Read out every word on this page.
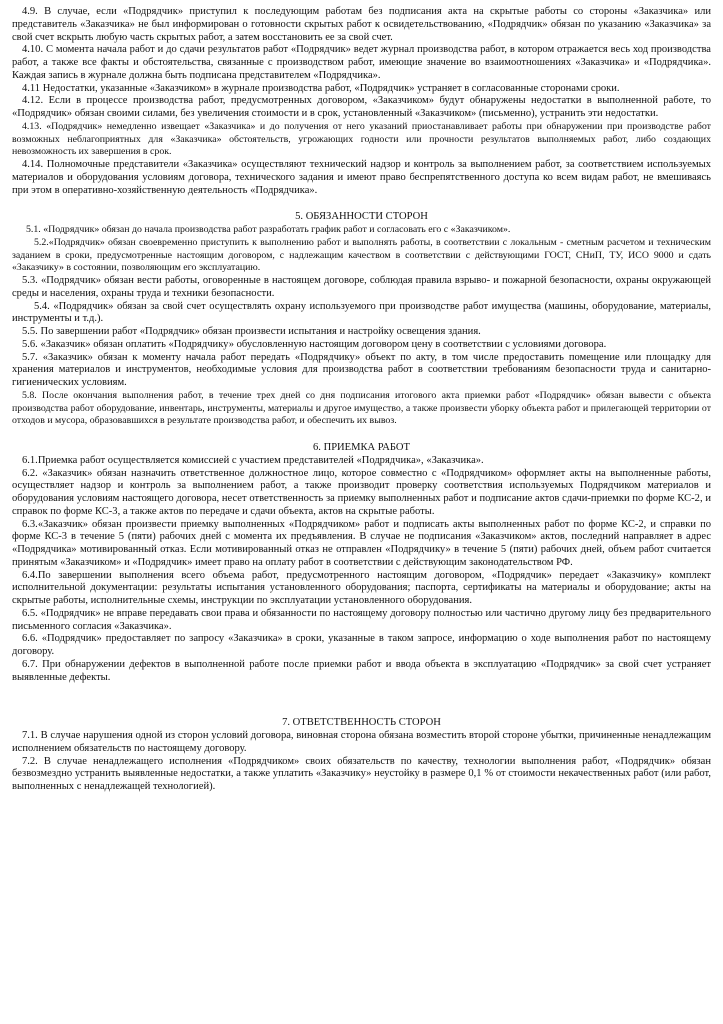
4.9. В случае, если «Подрядчик» приступил к последующим работам без подписания акта на скрытые работы со стороны «Заказчика» или представитель «Заказчика» не был информирован о готовности скрытых работ к освидетельствованию, «Подрядчик» обязан по указанию «Заказчика» за свой счет вскрыть любую часть скрытых работ, а затем восстановить ее за свой счет.

4.10. С момента начала работ и до сдачи результатов работ «Подрядчик» ведет журнал производства работ, в котором отражается весь ход производства работ, а также все факты и обстоятельства, связанные с производством работ, имеющие значение во взаимоотношениях «Заказчика» и «Подрядчика». Каждая запись в журнале должна быть подписана представителем «Подрядчика».

4.11 Недостатки, указанные «Заказчиком» в журнале производства работ, «Подрядчик» устраняет в согласованные сторонами сроки.

4.12. Если в процессе производства работ, предусмотренных договором, «Заказчиком» будут обнаружены недостатки в выполненной работе, то «Подрядчик» обязан своими силами, без увеличения стоимости и в срок, установленный «Заказчиком» (письменно), устранить эти недостатки.

4.13. «Подрядчик» немедленно извещает «Заказчика» и до получения от него указаний приостанавливает работы при обнаружении при производстве работ возможных неблагоприятных для «Заказчика» обстоятельств, угрожающих годности или прочности результатов выполняемых работ, либо создающих невозможность их завершения в срок.

4.14. Полномочные представители «Заказчика» осуществляют технический надзор и контроль за выполнением работ, за соответствием используемых материалов и оборудования условиям договора, технического задания и имеют право беспрепятственного доступа ко всем видам работ, не вмешиваясь при этом в оперативно-хозяйственную деятельность «Подрядчика».

5. ОБЯЗАННОСТИ СТОРОН

5.1. «Подрядчик» обязан до начала производства работ разработать график работ и согласовать его с «Заказчиком».

5.2.«Подрядчик» обязан своевременно приступить к выполнению работ и выполнять работы, в соответствии с локальным - сметным расчетом и техническим заданием в сроки, предусмотренные настоящим договором, с надлежащим качеством в соответствии с действующими ГОСТ, СНиП, ТУ, ИСО 9000 и сдать «Заказчику» в состоянии, позволяющим его эксплуатацию.

5.3. «Подрядчик» обязан вести работы, оговоренные в настоящем договоре, соблюдая правила взрыво- и пожарной безопасности, охраны окружающей среды и населения, охраны труда и техники безопасности.

5.4. «Подрядчик» обязан за свой счет осуществлять охрану используемого при производстве работ имущества (машины, оборудование, материалы, инструменты и т.д.).

5.5. По завершении работ «Подрядчик» обязан произвести испытания и настройку освещения здания.

5.6. «Заказчик» обязан оплатить «Подрядчику» обусловленную настоящим договором цену в соответствии с условиями договора.

5.7. «Заказчик» обязан к моменту начала работ передать «Подрядчику» объект по акту, в том числе предоставить помещение или площадку для хранения материалов и инструментов, необходимые условия для производства работ в соответствии требованиям безопасности труда и санитарно-гигиенических условиям.

5.8. После окончания выполнения работ, в течение трех дней со дня подписания итогового акта приемки работ «Подрядчик» обязан вывести с объекта производства работ оборудование, инвентарь, инструменты, материалы и другое имущество, а также произвести уборку объекта работ и прилегающей территории от отходов и мусора, образовавшихся в результате производства работ, и обеспечить их вывоз.

6. ПРИЕМКА РАБОТ

6.1.Приемка работ осуществляется комиссией с участием представителей «Подрядчика», «Заказчика».

6.2. «Заказчик» обязан назначить ответственное должностное лицо, которое совместно с «Подрядчиком» оформляет акты на выполненные работы, осуществляет надзор и контроль за выполнением работ, а также производит проверку соответствия используемых Подрядчиком материалов и оборудования условиям настоящего договора, несет ответственность за приемку выполненных работ и подписание актов сдачи-приемки по форме КС-2, и справок по форме КС-3, а также актов по передаче и сдачи объекта, актов на скрытые работы.

6.3.«Заказчик» обязан произвести приемку выполненных «Подрядчиком» работ и подписать акты выполненных работ по форме КС-2, и справки по форме КС-3 в течение 5 (пяти) рабочих дней с момента их предъявления. В случае не подписания «Заказчиком» актов, последний направляет в адрес «Подрядчика» мотивированный отказ. Если мотивированный отказ не отправлен «Подрядчику» в течение 5 (пяти) рабочих дней, объем работ считается принятым «Заказчиком» и «Подрядчик» имеет право на оплату работ в соответствии с действующим законодательством РФ.

6.4.По завершении выполнения всего объема работ, предусмотренного настоящим договором, «Подрядчик» передает «Заказчику» комплект исполнительной документации: результаты испытания установленного оборудования; паспорта, сертификаты на материалы и оборудование; акты на скрытые работы, исполнительные схемы, инструкции по эксплуатации установленного оборудования.

6.5. «Подрядчик» не вправе передавать свои права и обязанности по настоящему договору полностью или частично другому лицу без предварительного письменного согласия «Заказчика».

6.6. «Подрядчик» предоставляет по запросу «Заказчика» в сроки, указанные в таком запросе, информацию о ходе выполнения работ по настоящему договору.

6.7. При обнаружении дефектов в выполненной работе после приемки работ и ввода объекта в эксплуатацию «Подрядчик» за свой счет устраняет выявленные дефекты.

7. ОТВЕТСТВЕННОСТЬ СТОРОН

7.1. В случае нарушения одной из сторон условий договора, виновная сторона обязана возместить второй стороне убытки, причиненные ненадлежащим исполнением обязательств по настоящему договору.

7.2. В случае ненадлежащего исполнения «Подрядчиком» своих обязательств по качеству, технологии выполнения работ, «Подрядчик» обязан безвозмездно устранить выявленные недостатки, а также уплатить «Заказчику» неустойку в размере 0,1 % от стоимости некачественных работ (или работ, выполненных с ненадлежащей технологией).
